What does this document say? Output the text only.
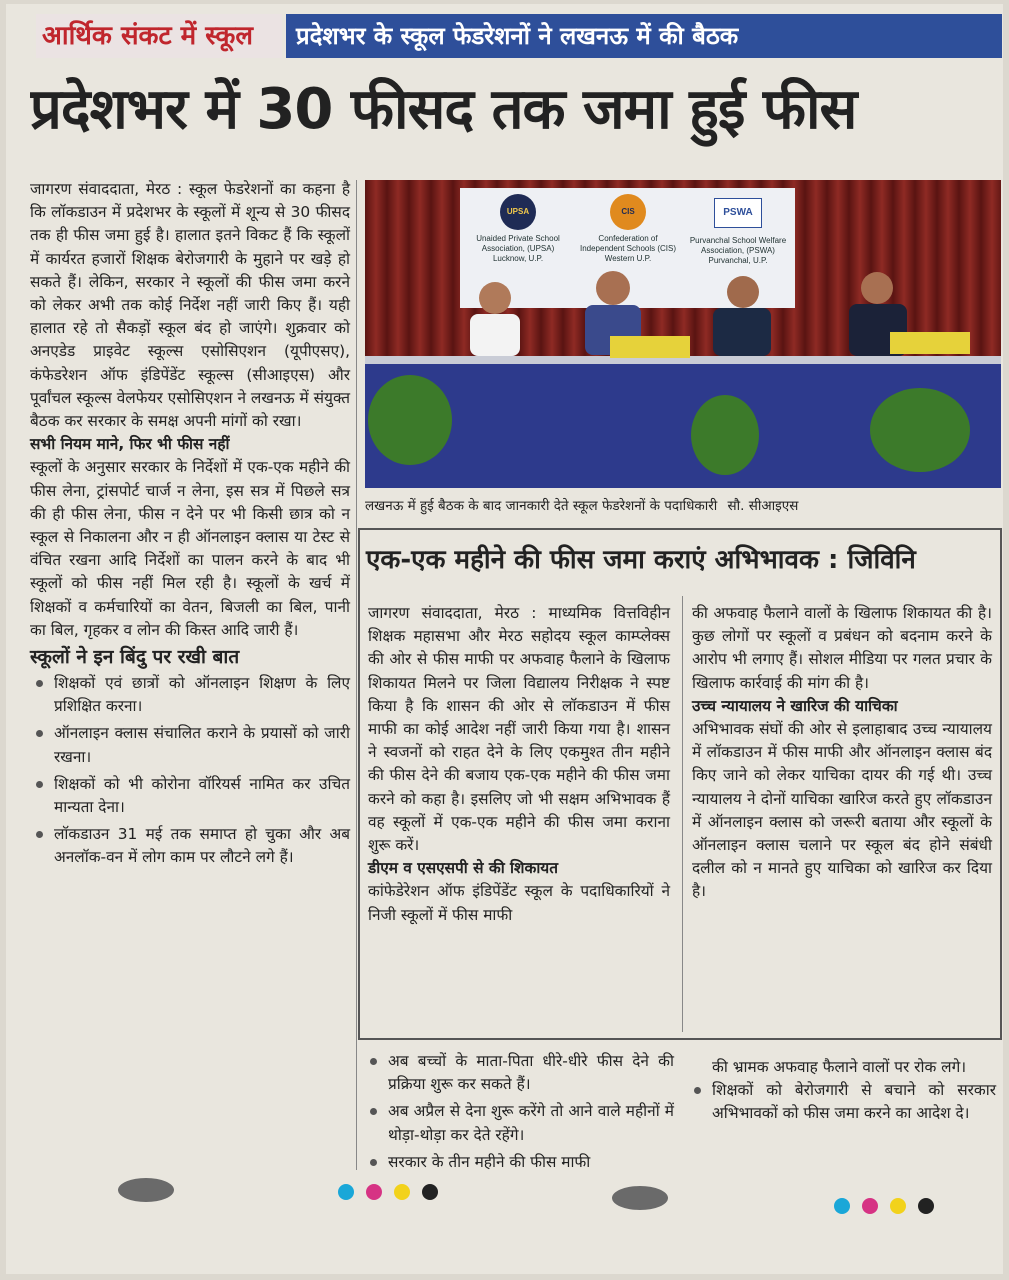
आर्थिक संकट में स्कूल	प्रदेशभर के स्कूल फेडरेशनों ने लखनऊ में की बैठक
प्रदेशभर में 30 फीसद तक जमा हुई फीस

जागरण संवाददाता, मेरठ : स्कूल फेडरेशनों का कहना है कि लॉकडाउन में प्रदेशभर के स्कूलों में शून्य से 30 फीसद तक ही फीस जमा हुई है। हालात इतने विकट हैं कि स्कूलों में कार्यरत हजारों शिक्षक बेरोजगारी के मुहाने पर खड़े हो सकते हैं। लेकिन, सरकार ने स्कूलों की फीस जमा करने को लेकर अभी तक कोई निर्देश नहीं जारी किए हैं। यही हालात रहे तो सैकड़ों स्कूल बंद हो जाएंगे। शुक्रवार को अनएडेड प्राइवेट स्कूल्स एसोसिएशन (यूपीएसए), कंफेडरेशन ऑफ इंडिपेंडेंट स्कूल्स (सीआइएस) और पूर्वांचल स्कूल्स वेलफेयर एसोसिएशन ने लखनऊ में संयुक्त बैठक कर सरकार के समक्ष अपनी मांगों को रखा।

सभी नियम माने, फिर भी फीस नहीं

स्कूलों के अनुसार सरकार के निर्देशों में एक-एक महीने की फीस लेना, ट्रांसपोर्ट चार्ज न लेना, इस सत्र में पिछले सत्र की ही फीस लेना, फीस न देने पर भी किसी छात्र को न स्कूल से निकालना और न ही ऑनलाइन क्लास या टेस्ट से वंचित रखना आदि निर्देशों का पालन करने के बाद भी स्कूलों को फीस नहीं मिल रही है। स्कूलों के खर्च में शिक्षकों व कर्मचारियों का वेतन, बिजली का बिल, पानी का बिल, गृहकर व लोन की किस्त आदि जारी हैं।

स्कूलों ने इन बिंदु पर रखी बात

शिक्षकों एवं छात्रों को ऑनलाइन शिक्षण के लिए प्रशिक्षित करना।
ऑनलाइन क्लास संचालित कराने के प्रयासों को जारी रखना।
शिक्षकों को भी कोरोना वॉरियर्स नामित कर उचित मान्यता देना।
लॉकडाउन 31 मई तक समाप्त हो चुका और अब अनलॉक-वन में लोग काम पर लौटने लगे हैं।
UPSA
Unaided Private School Association, (UPSA) Lucknow, U.P.
CIS
Confederation of Independent Schools (CIS) Western U.P.
PSWA
Purvanchal School Welfare Association, (PSWA) Purvanchal, U.P.
लखनऊ में हुई बैठक के बाद जानकारी देते स्कूल फेडरेशनों के पदाधिकारी सौ. सीआइएस
एक-एक महीने की फीस जमा कराएं अभिभावक : जिविनि

जागरण संवाददाता, मेरठ : माध्यमिक वित्तविहीन शिक्षक महासभा और मेरठ सहोदय स्कूल काम्प्लेक्स की ओर से फीस माफी पर अफवाह फैलाने के खिलाफ शिकायत मिलने पर जिला विद्यालय निरीक्षक ने स्पष्ट किया है कि शासन की ओर से लॉकडाउन में फीस माफी का कोई आदेश नहीं जारी किया गया है। शासन ने स्वजनों को राहत देने के लिए एकमुश्त तीन महीने की फीस देने की बजाय एक-एक महीने की फीस जमा करने को कहा है। इसलिए जो भी सक्षम अभिभावक हैं वह स्कूलों में एक-एक महीने की फीस जमा कराना शुरू करें।

डीएम व एसएसपी से की शिकायत

कांफेडेरेशन ऑफ इंडिपेंडेंट स्कूल के पदाधिकारियों ने निजी स्कूलों में फीस माफी

की अफवाह फैलाने वालों के खिलाफ शिकायत की है। कुछ लोगों पर स्कूलों व प्रबंधन को बदनाम करने के आरोप भी लगाए हैं। सोशल मीडिया पर गलत प्रचार के खिलाफ कार्रवाई की मांग की है।

उच्च न्यायालय ने खारिज की याचिका

अभिभावक संघों की ओर से इलाहाबाद उच्च न्यायालय में लॉकडाउन में फीस माफी और ऑनलाइन क्लास बंद किए जाने को लेकर याचिका दायर की गई थी। उच्च न्यायालय ने दोनों याचिका खारिज करते हुए लॉकडाउन में ऑनलाइन क्लास को जरूरी बताया और स्कूलों के ऑनलाइन क्लास चलाने पर स्कूल बंद होने संबंधी दलील को न मानते हुए याचिका को खारिज कर दिया है।

अब बच्चों के माता-पिता धीरे-धीरे फीस देने की प्रक्रिया शुरू कर सकते हैं।
अब अप्रैल से देना शुरू करेंगे तो आने वाले महीनों में थोड़ा-थोड़ा कर देते रहेंगे।
सरकार के तीन महीने की फीस माफी

की भ्रामक अफवाह फैलाने वालों पर रोक लगे।

शिक्षकों को बेरोजगारी से बचाने को सरकार अभिभावकों को फीस जमा करने का आदेश दे।
